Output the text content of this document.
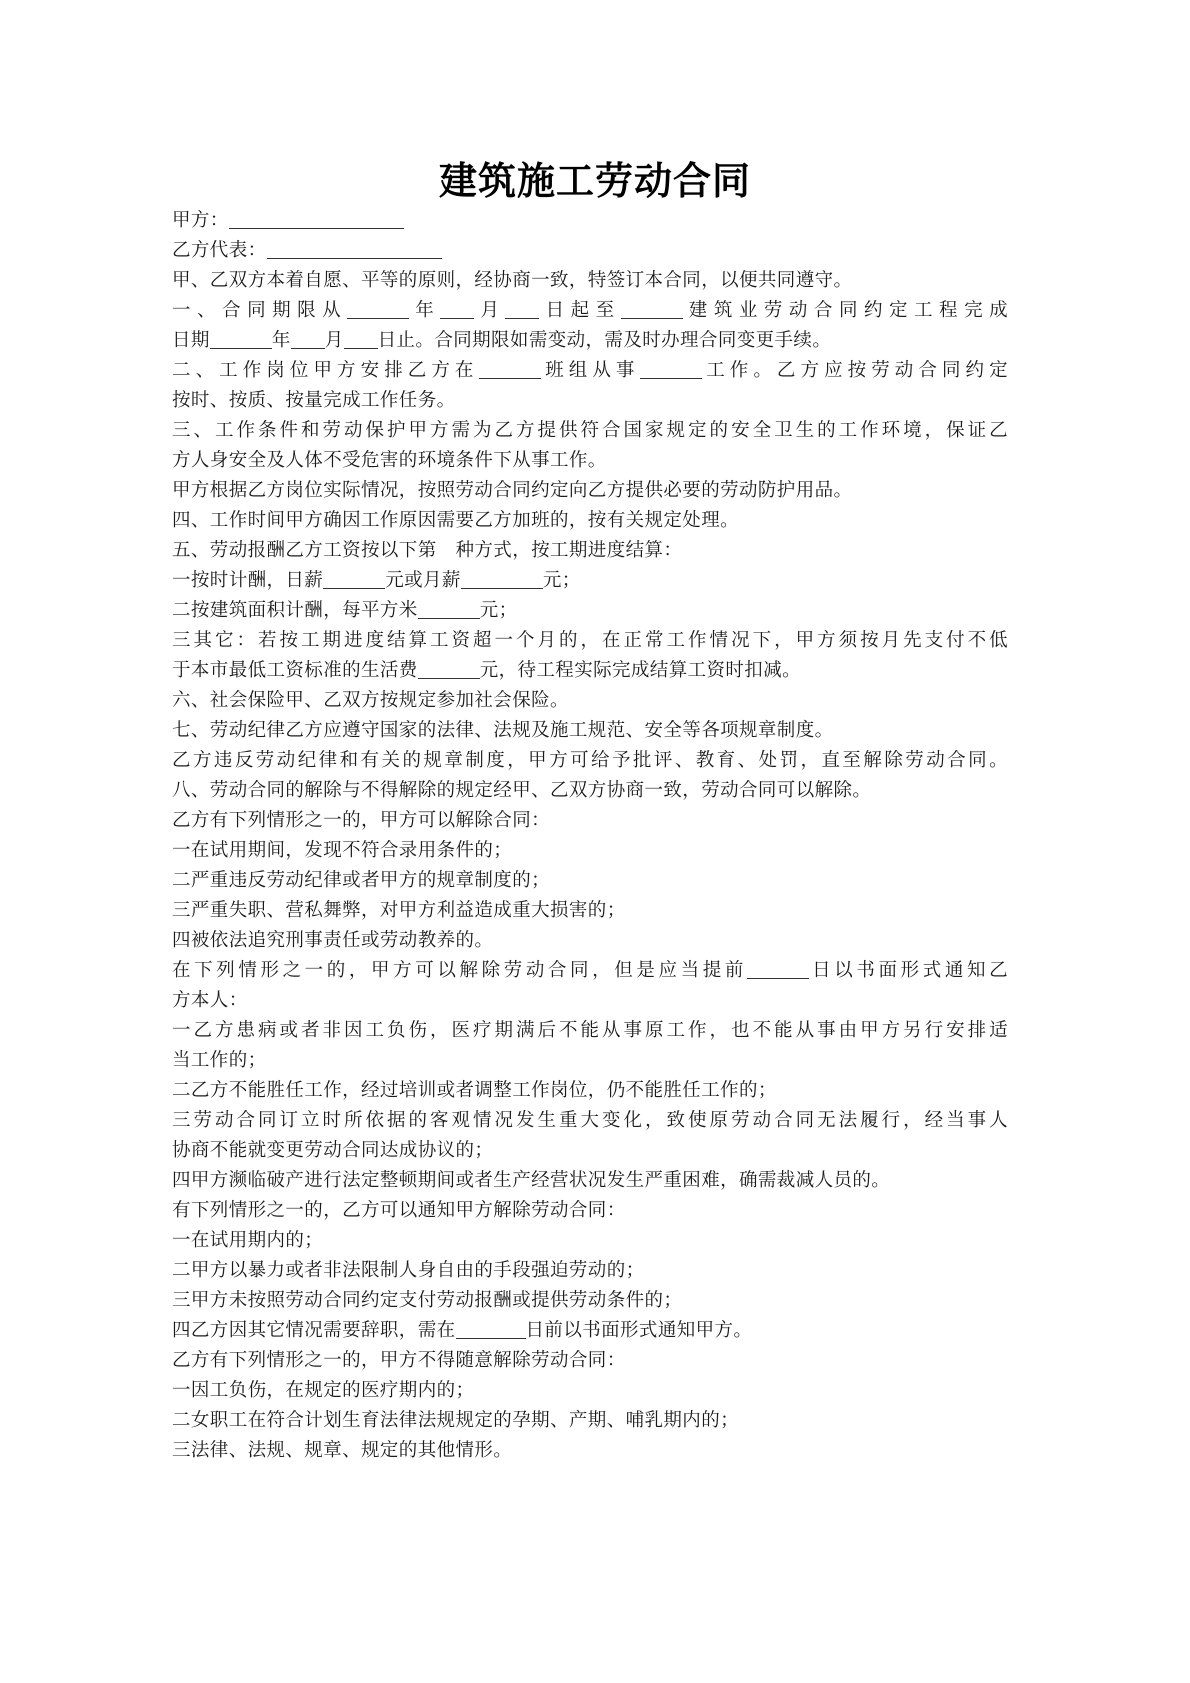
建筑施工劳动合同
甲方：
乙方代表：
甲、乙双方本着自愿、平等的原则，经协商一致，特签订本合同，以便共同遵守。
一、合同期限从	年 月 日起至	建筑业劳动合同约定工程完成
日期	年 月 日止。合同期限如需变动，需及时办理合同变更手续。
二、工作岗位甲方安排乙方在	班组从事	工作。乙方应按劳动合同约定
按时、按质、按量完成工作任务。
三、工作条件和劳动保护甲方需为乙方提供符合国家规定的安全卫生的工作环境，保证乙
方人身安全及人体不受危害的环境条件下从事工作。
甲方根据乙方岗位实际情况，按照劳动合同约定向乙方提供必要的劳动防护用品。
四、工作时间甲方确因工作原因需要乙方加班的，按有关规定处理。
五、劳动报酬乙方工资按以下第　种方式，按工期进度结算：
一按时计酬，日薪	元或月薪	元；
二按建筑面积计酬，每平方米	元；
三其它：若按工期进度结算工资超一个月的，在正常工作情况下，甲方须按月先支付不低
于本市最低工资标准的生活费	元，待工程实际完成结算工资时扣减。
六、社会保险甲、乙双方按规定参加社会保险。
七、劳动纪律乙方应遵守国家的法律、法规及施工规范、安全等各项规章制度。
乙方违反劳动纪律和有关的规章制度，甲方可给予批评、教育、处罚，直至解除劳动合同。
八、劳动合同的解除与不得解除的规定经甲、乙双方协商一致，劳动合同可以解除。
乙方有下列情形之一的，甲方可以解除合同：
一在试用期间，发现不符合录用条件的；
二严重违反劳动纪律或者甲方的规章制度的；
三严重失职、营私舞弊，对甲方利益造成重大损害的；
四被依法追究刑事责任或劳动教养的。
在下列情形之一的，甲方可以解除劳动合同，但是应当提前	日以书面形式通知乙
方本人：
一乙方患病或者非因工负伤，医疗期满后不能从事原工作，也不能从事由甲方另行安排适
当工作的；
二乙方不能胜任工作，经过培训或者调整工作岗位，仍不能胜任工作的；
三劳动合同订立时所依据的客观情况发生重大变化，致使原劳动合同无法履行，经当事人
协商不能就变更劳动合同达成协议的；
四甲方濒临破产进行法定整顿期间或者生产经营状况发生严重困难，确需裁减人员的。
有下列情形之一的，乙方可以通知甲方解除劳动合同：
一在试用期内的；
二甲方以暴力或者非法限制人身自由的手段强迫劳动的；
三甲方未按照劳动合同约定支付劳动报酬或提供劳动条件的；
四乙方因其它情况需要辞职，需在	日前以书面形式通知甲方。
乙方有下列情形之一的，甲方不得随意解除劳动合同：
一因工负伤，在规定的医疗期内的；
二女职工在符合计划生育法律法规规定的孕期、产期、哺乳期内的；
三法律、法规、规章、规定的其他情形。
